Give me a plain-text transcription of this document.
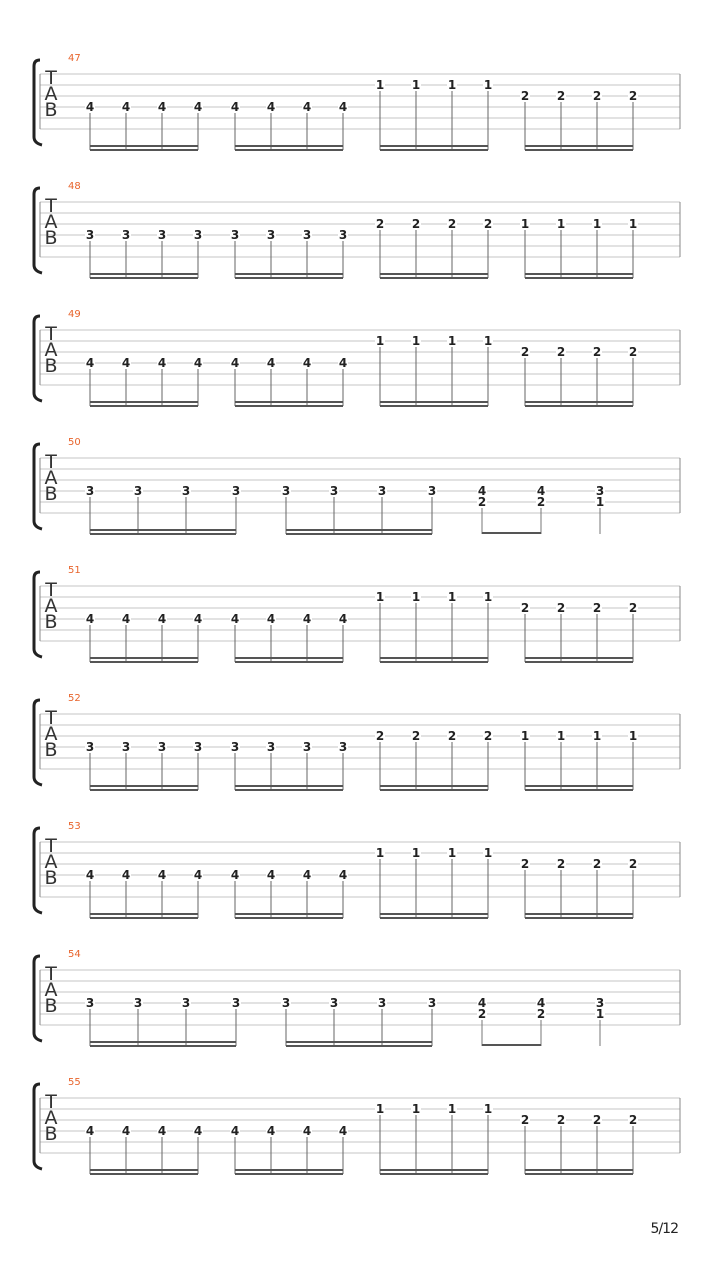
47
T
A
B 4 4 4 4 4 4 4 4
1 1 1 1
2 2 2 2
48
T
A
B 3 3 3 3 3 3 3 3
2 2 2 2 1 1 1 1
49
T
A
B 4 4 4 4 4 4 4 4
1 1 1 1
2 2 2 2
50
T
A
B 3	3	3	3	3	3	3	3	4
2
4
2
3
1
51
T
A
B 4 4 4 4 4 4 4 4
1 1 1 1
2 2 2 2
52
T
A
B 3 3 3 3 3 3 3 3
2 2 2 2 1 1 1 1
53
T
A
B 4 4 4 4 4 4 4 4
1 1 1 1
2 2 2 2
54
T
A
B 3	3	3	3	3	3	3	3	4
2
4
2
3
1
55
T
A
B 4 4 4 4 4 4 4 4
1 1 1 1
2 2 2 2
5/12
